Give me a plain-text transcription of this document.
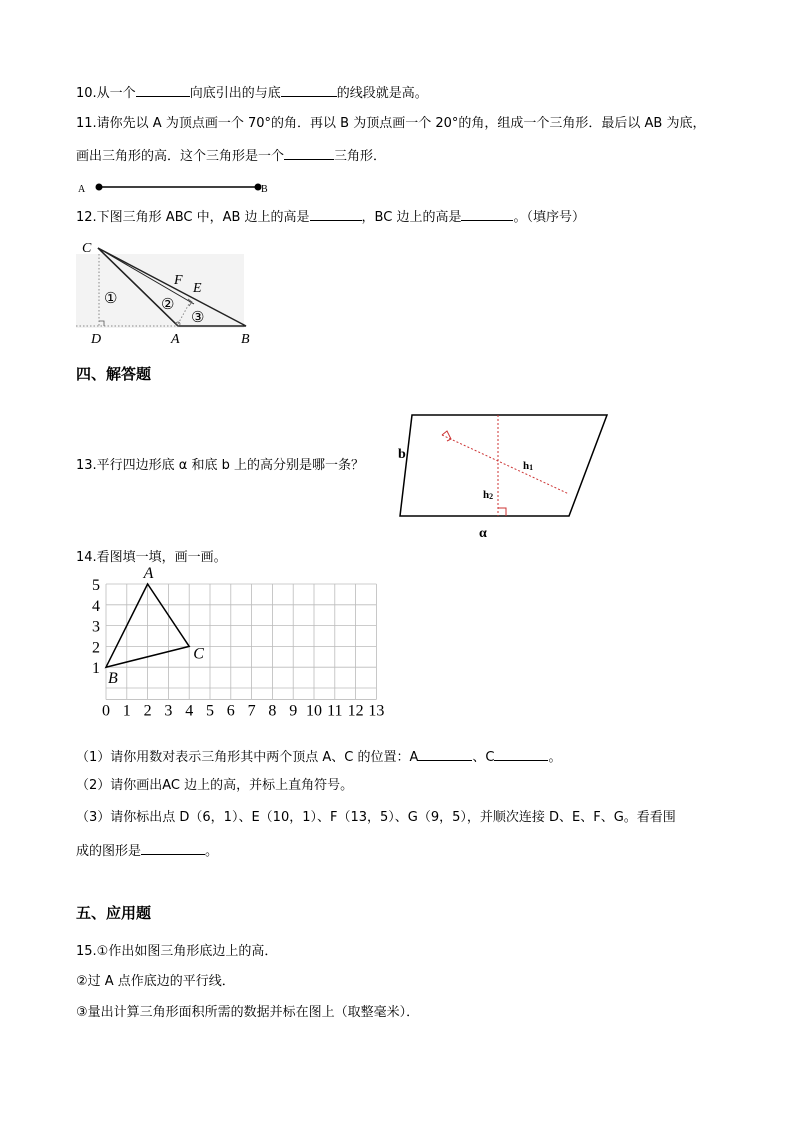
10.从一个	向底引出的与底	的线段就是高。
11.请你先以 A 为顶点画一个 70°的角．再以 B 为顶点画一个 20°的角，组成一个三角形．最后以 AB 为底，
画出三角形的高．这个三角形是一个	三角形．
A	B
12.下图三角形 ABC 中，AB 边上的高是	，BC 边上的高是	。（填序号）
C
F
E
D	A	B
①	②
③
四、解答题
13.平行四边形底 α 和底 b 上的高分别是哪一条？
b
α
h1
h2
14.看图填一填，画一画。
0 1 2 3 4 5 6 7 8 9 10 11 12 13
1
2
3
4
5
A
B
C
（1）请你用数对表示三角形其中两个顶点 A、C 的位置：A	、C	。
（2）请你画出AC 边上的高，并标上直角符号。
（3）请你标出点 D（6，1）、E（10，1）、F（13，5）、G（9，5），并顺次连接 D、E、F、G。看看围
成的图形是	。
五、应用题
15.①作出如图三角形底边上的高．
②过 A 点作底边的平行线．
③量出计算三角形面积所需的数据并标在图上（取整毫米）．
